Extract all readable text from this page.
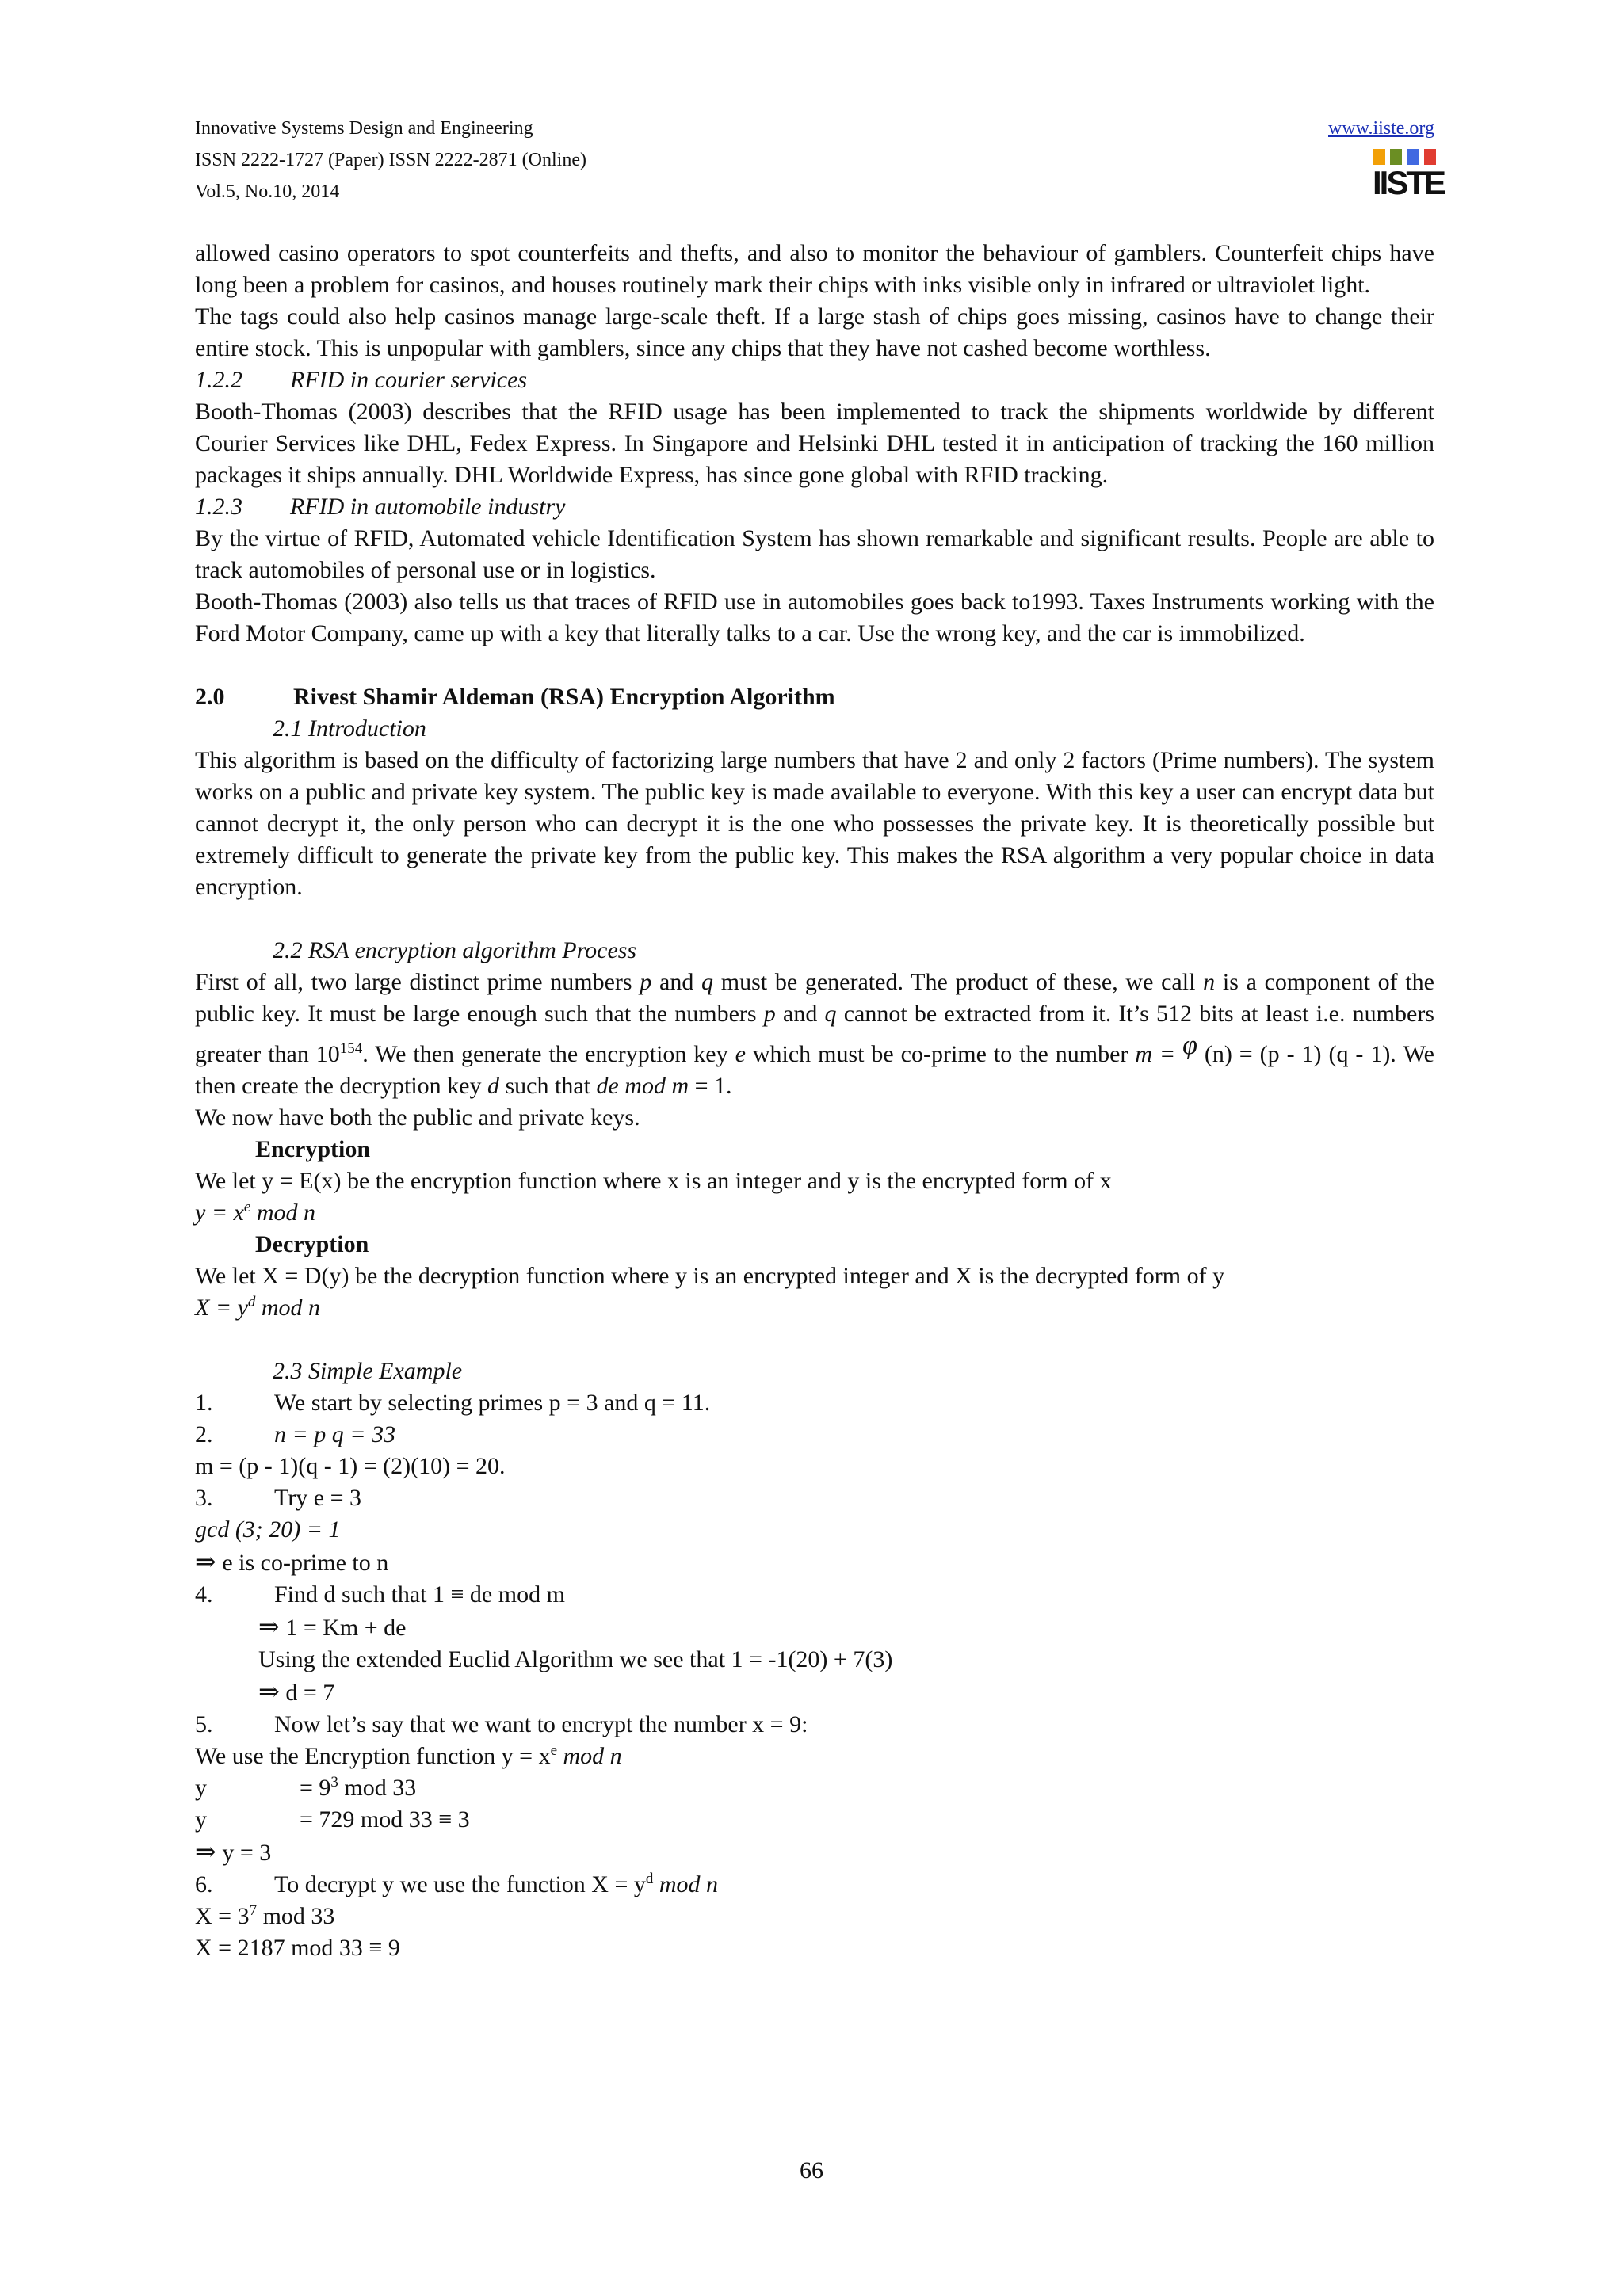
Innovative Systems Design and Engineering
ISSN 2222-1727 (Paper) ISSN 2222-2871 (Online)
Vol.5, No.10, 2014
www.iiste.org
IISTE

allowed casino operators to spot counterfeits and thefts, and also to monitor the behaviour of gamblers. Counterfeit chips have long been a problem for casinos, and houses routinely mark their chips with inks visible only in infrared or ultraviolet light.

The tags could also help casinos manage large-scale theft. If a large stash of chips goes missing, casinos have to change their entire stock. This is unpopular with gamblers, since any chips that they have not cashed become worthless.

1.2.2 RFID in courier services

Booth-Thomas (2003) describes that the RFID usage has been implemented to track the shipments worldwide by different Courier Services like DHL, Fedex Express. In Singapore and Helsinki DHL tested it in anticipation of tracking the 160 million packages it ships annually. DHL Worldwide Express, has since gone global with RFID tracking.

1.2.3 RFID in automobile industry

By the virtue of RFID, Automated vehicle Identification System has shown remarkable and significant results. People are able to track automobiles of personal use or in logistics.

Booth-Thomas (2003) also tells us that traces of RFID use in automobiles goes back to1993. Taxes Instruments working with the Ford Motor Company, came up with a key that literally talks to a car. Use the wrong key, and the car is immobilized.

2.0	Rivest Shamir Aldeman (RSA) Encryption Algorithm
2.1 Introduction

This algorithm is based on the difficulty of factorizing large numbers that have 2 and only 2 factors (Prime numbers). The system works on a public and private key system. The public key is made available to everyone. With this key a user can encrypt data but cannot decrypt it, the only person who can decrypt it is the one who possesses the private key. It is theoretically possible but extremely difficult to generate the private key from the public key. This makes the RSA algorithm a very popular choice in data encryption.

2.2 RSA encryption algorithm Process

First of all, two large distinct prime numbers p and q must be generated. The product of these, we call n is a component of the public key. It must be large enough such that the numbers p and q cannot be extracted from it. It’s 512 bits at least i.e. numbers greater than $10^{154}$. We then generate the encryption key e which must be co-prime to the number m = φ (n) = (p - 1) (q - 1). We then create the decryption key d such that de mod m = 1.

We now have both the public and private keys.
Encryption
We let y = E(x) be the encryption function where x is an integer and y is the encrypted form of x
$y = x^e$ mod n
Decryption
We let X = D(y) be the decryption function where y is an encrypted integer and X is the decrypted form of y
$X = y^d$ mod n
2.3 Simple Example
1.	We start by selecting primes p = 3 and q = 11.
2.	n = p q = 33
m = (p - 1)(q - 1) = (2)(10) = 20.
3.	Try e = 3
gcd (3; 20) = 1
⇒ e is co-prime to n
4.	Find d such that 1 ≡ de mod m
⇒ 1 = Km + de
Using the extended Euclid Algorithm we see that 1 = -1(20) + 7(3)
⇒ d = 7
5.	Now let’s say that we want to encrypt the number x = 9:
We use the Encryption function $y = x^e$ mod n
y	= $9^3$ mod 33
y	= 729 mod 33 ≡ 3
⇒ y = 3
6.	To decrypt y we use the function $X = y^d$ mod n
$X = 3^7$ mod 33
X = 2187 mod 33 ≡ 9
66
